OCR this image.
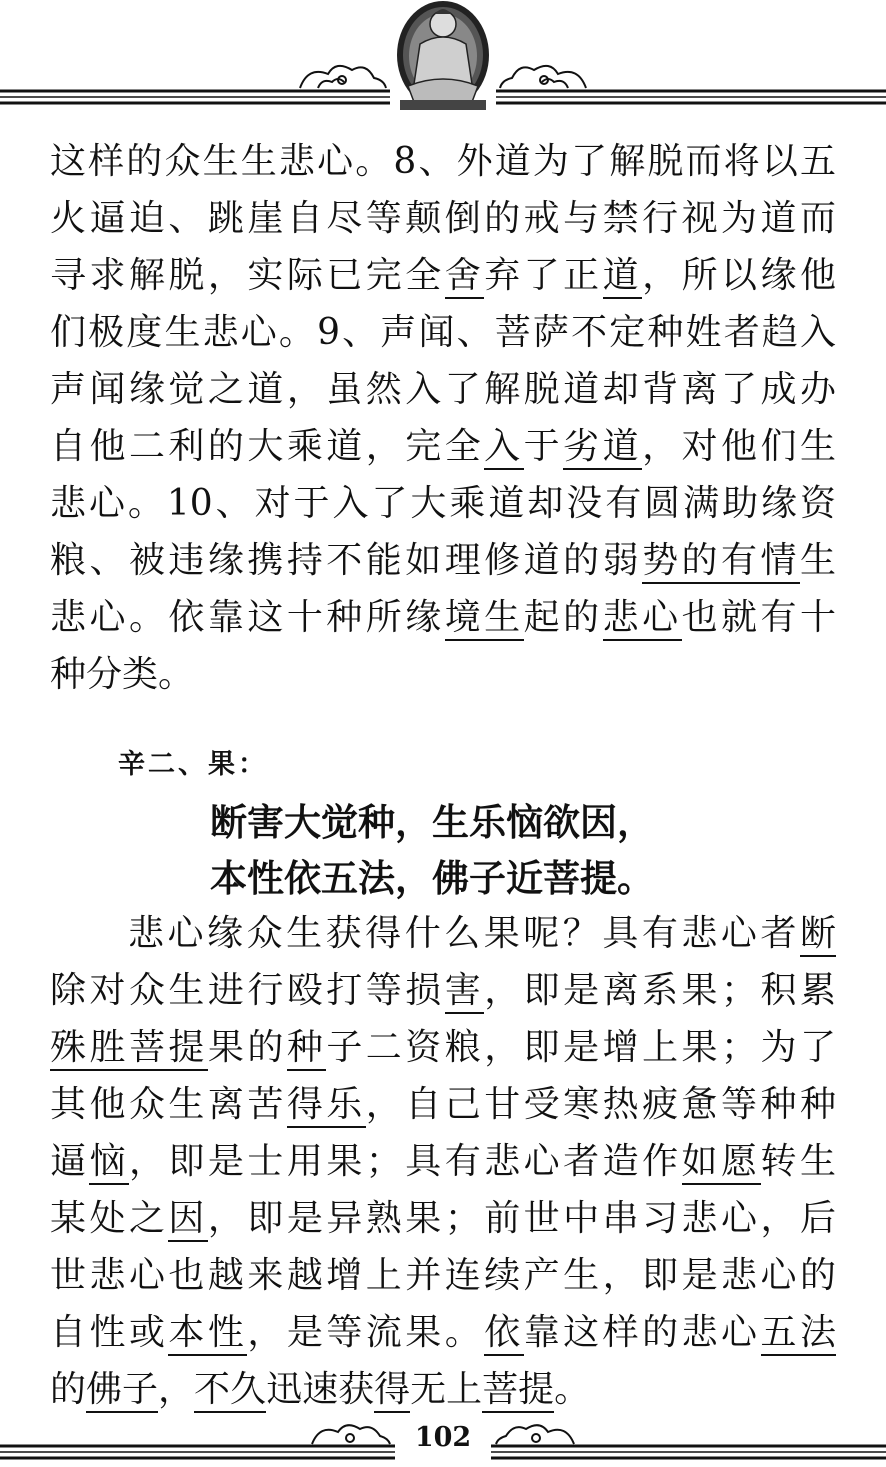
这样的众生生悲心。8、外道为了解脱而将以五
火逼迫、跳崖自尽等颠倒的戒与禁行视为道而
寻求解脱，实际已完全舍弃了正道，所以缘他
们极度生悲心。9、声闻、菩萨不定种姓者趋入
声闻缘觉之道，虽然入了解脱道却背离了成办
自他二利的大乘道，完全入于劣道，对他们生
悲心。10、对于入了大乘道却没有圆满助缘资
粮、被违缘携持不能如理修道的弱势的有情生
悲心。依靠这十种所缘境生起的悲心也就有十
种分类。
辛二、果：
断害大觉种，生乐恼欲因，
本性依五法，佛子近菩提。
悲心缘众生获得什么果呢？具有悲心者断
除对众生进行殴打等损害，即是离系果；积累
殊胜菩提果的种子二资粮，即是增上果；为了
其他众生离苦得乐，自己甘受寒热疲惫等种种
逼恼，即是士用果；具有悲心者造作如愿转生
某处之因，即是异熟果；前世中串习悲心，后
世悲心也越来越增上并连续产生，即是悲心的
自性或本性，是等流果。依靠这样的悲心五法
的佛子，不久迅速获得无上菩提。
102
